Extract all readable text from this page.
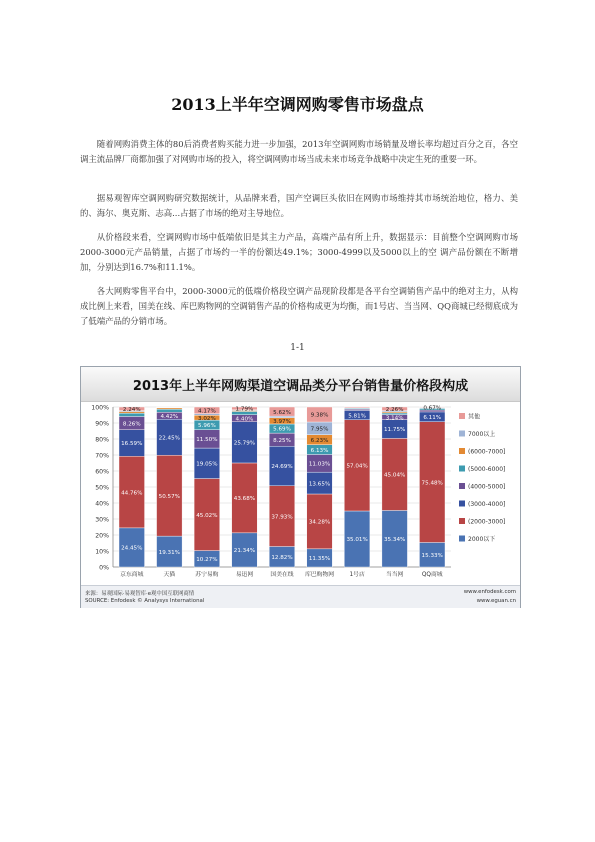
2013上半年空调网购零售市场盘点

随着网购消费主体的80后消费者购买能力进一步加强，2013年空调网购市场销量及增长率均超过百分之百，各空调主流品牌厂商都加强了对网购市场的投入，将空调网购市场当成未来市场竞争战略中决定生死的重要一环。

据易观智库空调网购研究数据统计，从品牌来看，国产空调巨头依旧在网购市场维持其市场统治地位，格力、美的、海尔、奥克斯、志高...占据了市场的绝对主导地位。

从价格段来看，空调网购市场中低端依旧是其主力产品，高端产品有所上升，数据显示：目前整个空调网购市场2000-3000元产品销量，占据了市场约一半的份额达49.1%；3000-4999以及5000以上的空 调产品份额在不断增加，分别达到16.7%和11.1%。

各大网购零售平台中，2000-3000元的低端价格段空调产品现阶段都是各平台空调销售产品中的绝对主力，从构成比例上来看，国美在线、库巴购物网的空调销售产品的价格构成更为均衡，而1号店、当当网、QQ商城已经彻底成为了低端产品的分销市场。

1-1
2013年上半年网购渠道空调品类分平台销售量价格段构成
0%
10%
20%
30%
40%
50%
60%
70%
80%
90%
100%
24.45%
44.76%
16.59%
8.26%
2.24%
京东商城
19.31%
50.57%
22.45%
4.42%
天猫
10.27%
45.02%
19.05%
11.50%
5.96%
3.02%
4.17%
苏宁易购
21.34%
43.68%
25.79%
4.40%
1.79%
易迅网
12.82%
37.93%
24.69%
8.25%
5.69%
3.97%
5.62%
国美在线
11.35%
34.28%
13.65%
11.03%
6.13%
6.23%
7.95%
9.38%
库巴购物网
35.01%
57.04%
5.81%
1号店
35.34%
45.04%
11.75%
3.14%
2.26%
当当网
15.33%
75.48%
6.11%
0.67%
QQ商城
其他
7000以上
(6000-7000]
(5000-6000]
(4000-5000]
(3000-4000]
(2000-3000]
2000以下
来源：易观国际·易观智库·e观中国互联网商情
SOURCE: Enfodesk © Analysys International
www.enfodesk.com
www.eguan.cn
